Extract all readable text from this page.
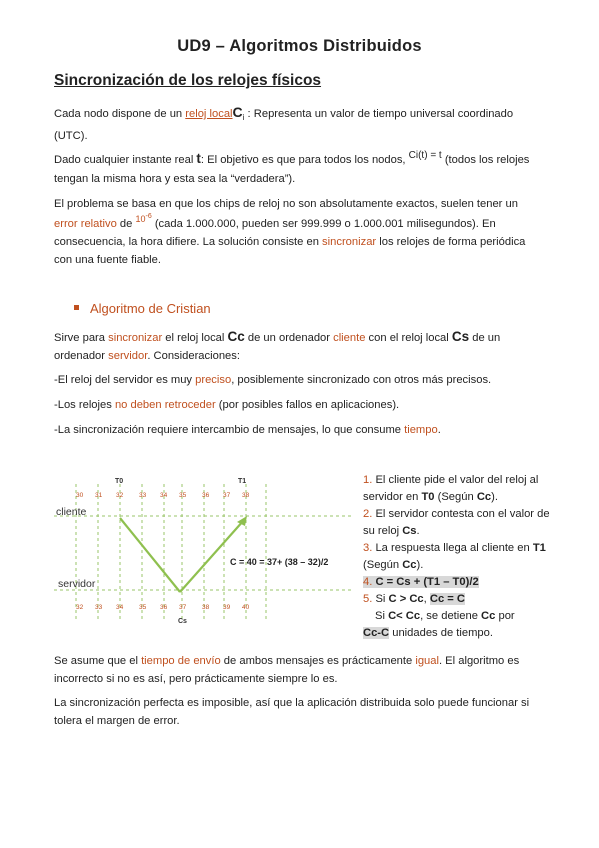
UD9 – Algoritmos Distribuidos
Sincronización de los relojes físicos
Cada nodo dispone de un reloj localC$_i$ : Representa un valor de tiempo universal coordinado (UTC).
Dado cualquier instante real t: El objetivo es que para todos los nodos, Ci(t) = t (todos los relojes tengan la misma hora y esta sea la “verdadera”).
El problema se basa en que los chips de reloj no son absolutamente exactos, suelen tener un error relativo de $^{10^{-6}}$ (cada 1.000.000, pueden ser 999.999 o 1.000.001 milisegundos). En consecuencia, la hora difiere. La solución consiste en sincronizar los relojes de forma periódica con una fuente fiable.
Algoritmo de Cristian
Sirve para sincronizar el reloj local Cc de un ordenador cliente con el reloj local Cs de un ordenador servidor. Consideraciones:
-El reloj del servidor es muy preciso, posiblemente sincronizado con otros más precisos.
-Los relojes no deben retroceder (por posibles fallos en aplicaciones).
-La sincronización requiere intercambio de mensajes, lo que consume tiempo.
30 31 32 33 34 35 36 37 38
32 33 34 35 36 37 38 39 40
T0	T1
cliente
servidor
Cs
C = 40 = 37+ (38 – 32)/2
1. El cliente pide el valor del reloj al servidor en T0 (Según Cc).
2. El servidor contesta con el valor de su reloj Cs.
3. La respuesta llega al cliente en T1 (Según Cc).
4. C = Cs + (T1 – T0)/2
5. Si C > Cc, Cc = C
Si C< Cc, se detiene Cc por
Cc-C unidades de tiempo.
Se asume que el tiempo de envío de ambos mensajes es prácticamente igual. El algoritmo es incorrecto si no es así, pero prácticamente siempre lo es.
La sincronización perfecta es imposible, así que la aplicación distribuida solo puede funcionar si tolera el margen de error.
